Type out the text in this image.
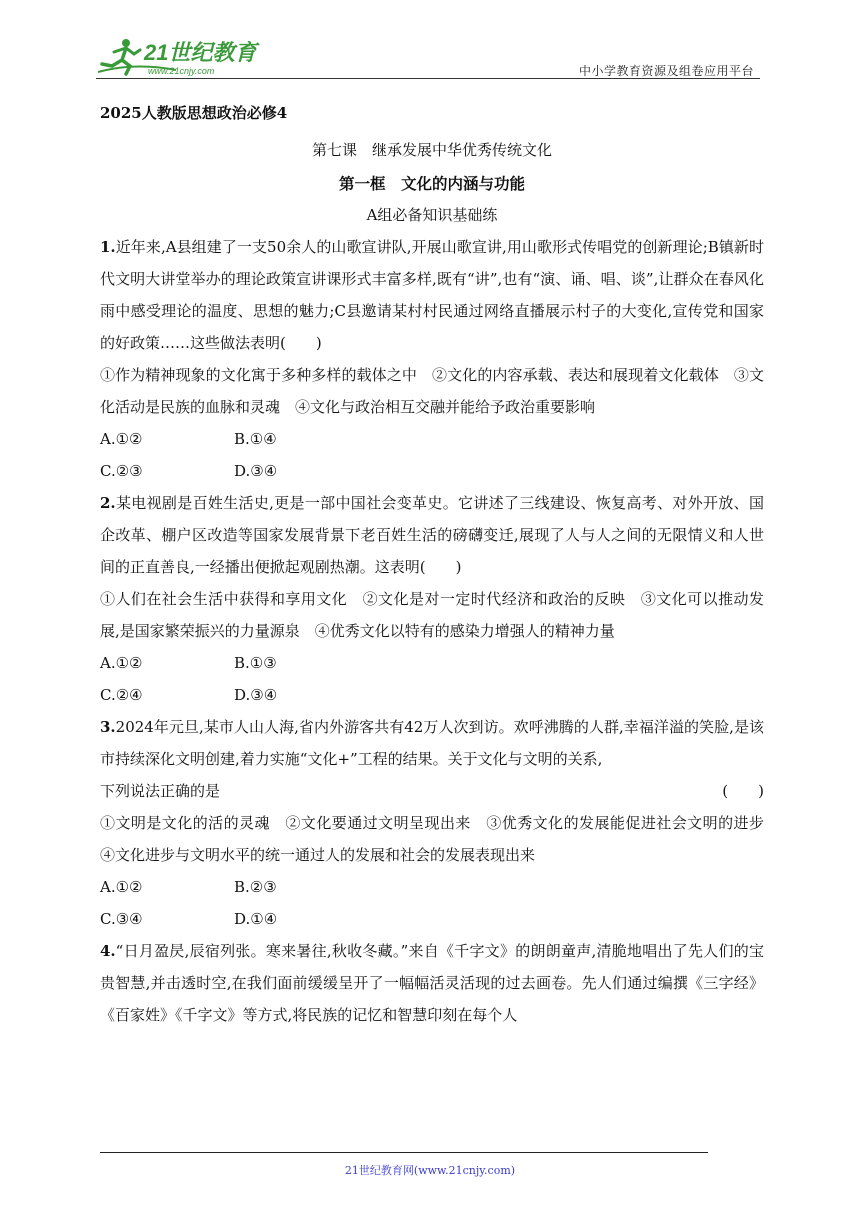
21世纪教育
www.21cnjy.com	中小学教育资源及组卷应用平台

2025人教版思想政治必修4

第七课　继承发展中华优秀传统文化

第一框　文化的内涵与功能

A组必备知识基础练

1.近年来,A县组建了一支50余人的山歌宣讲队,开展山歌宣讲,用山歌形式传唱党的创新理论;B镇新时代文明大讲堂举办的理论政策宣讲课形式丰富多样,既有“讲”,也有“演、诵、唱、谈”,让群众在春风化雨中感受理论的温度、思想的魅力;C县邀请某村村民通过网络直播展示村子的大变化,宣传党和国家的好政策……这些做法表明(　　)

①作为精神现象的文化寓于多种多样的载体之中　②文化的内容承载、表达和展现着文化载体　③文化活动是民族的血脉和灵魂　④文化与政治相互交融并能给予政治重要影响

A.①②	B.①④
C.②③	D.③④

2.某电视剧是百姓生活史,更是一部中国社会变革史。它讲述了三线建设、恢复高考、对外开放、国企改革、棚户区改造等国家发展背景下老百姓生活的磅礴变迁,展现了人与人之间的无限情义和人世间的正直善良,一经播出便掀起观剧热潮。这表明(　　)

①人们在社会生活中获得和享用文化　②文化是对一定时代经济和政治的反映　③文化可以推动发展,是国家繁荣振兴的力量源泉　④优秀文化以特有的感染力增强人的精神力量

A.①②	B.①③
C.②④	D.③④

3.2024年元旦,某市人山人海,省内外游客共有42万人次到访。欢呼沸腾的人群,幸福洋溢的笑脸,是该市持续深化文明创建,着力实施“文化+”工程的结果。关于文化与文明的关系,

下列说法正确的是	(　　)

①文明是文化的活的灵魂　②文化要通过文明呈现出来　③优秀文化的发展能促进社会文明的进步　④文化进步与文明水平的统一通过人的发展和社会的发展表现出来

A.①②	B.②③
C.③④	D.①④

4.“日月盈昃,辰宿列张。寒来暑往,秋收冬藏。”来自《千字文》的朗朗童声,清脆地唱出了先人们的宝贵智慧,并击透时空,在我们面前缓缓呈开了一幅幅活灵活现的过去画卷。先人们通过编撰《三字经》《百家姓》《千字文》等方式,将民族的记忆和智慧印刻在每个人

21世纪教育网(www.21cnjy.com)
